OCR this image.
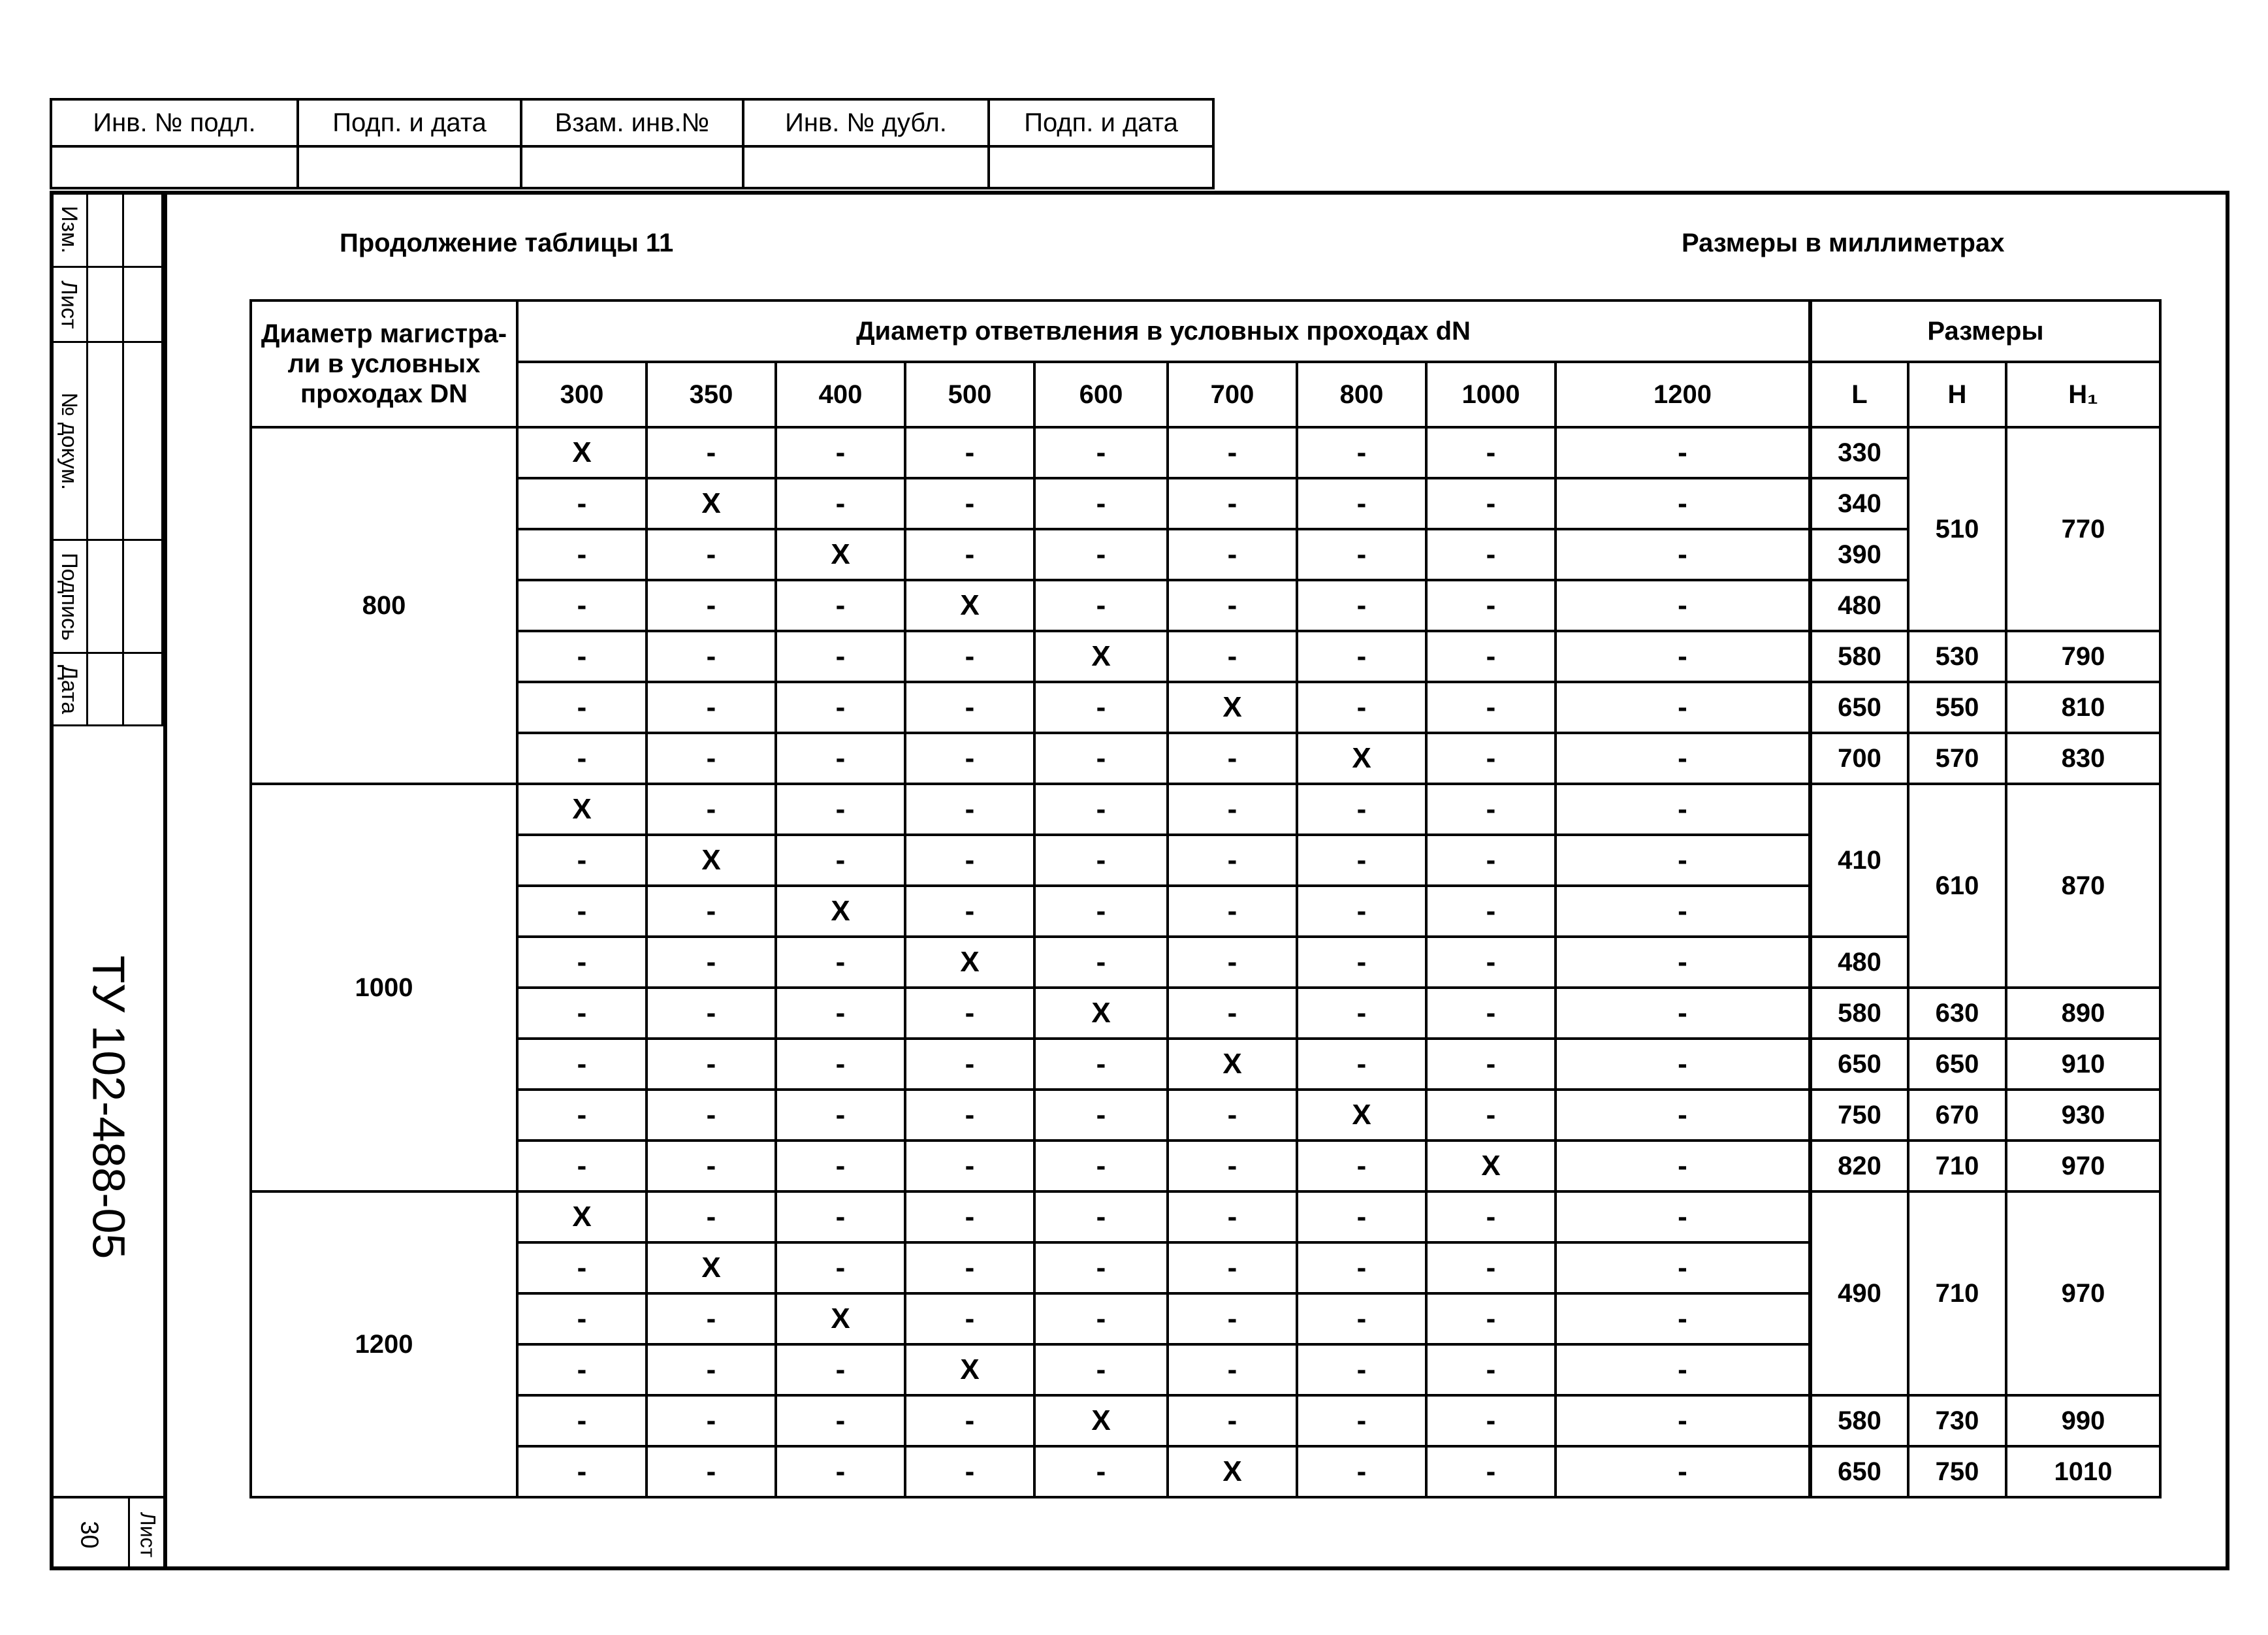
Инв. № подл.	Подп. и дата	Взам. инв.№	Инв. № дубл.	Подп. и дата

Изм.		

Лист		

№ докум.		

Подпись		

Дата		

ТУ 102-488-05
30 Лист
Продолжение таблицы 11	Размеры в миллиметрах
Диаметр магистра-ли в условных проходах DN	Диаметр ответвления в условных проходах dN									Размеры		
	300	350	400	500	600	700	800	1000	1200	L	H	H₁
800	X	-	-	-	-	-	-	-	-	330	510	770
	-	X	-	-	-	-	-	-	-	340		
	-	-	X	-	-	-	-	-	-	390		
	-	-	-	X	-	-	-	-	-	480		
	-	-	-	-	X	-	-	-	-	580	530	790
	-	-	-	-	-	X	-	-	-	650	550	810
	-	-	-	-	-	-	X	-	-	700	570	830
1000	X	-	-	-	-	-	-	-	-	410	610	870
	-	X	-	-	-	-	-	-	-			
	-	-	X	-	-	-	-	-	-			
	-	-	-	X	-	-	-	-	-	480		
	-	-	-	-	X	-	-	-	-	580	630	890
	-	-	-	-	-	X	-	-	-	650	650	910
	-	-	-	-	-	-	X	-	-	750	670	930
	-	-	-	-	-	-	-	X	-	820	710	970
1200	X	-	-	-	-	-	-	-	-	490	710	970
	-	X	-	-	-	-	-	-	-			
	-	-	X	-	-	-	-	-	-			
	-	-	-	X	-	-	-	-	-			
	-	-	-	-	X	-	-	-	-	580	730	990
	-	-	-	-	-	X	-	-	-	650	750	1010
